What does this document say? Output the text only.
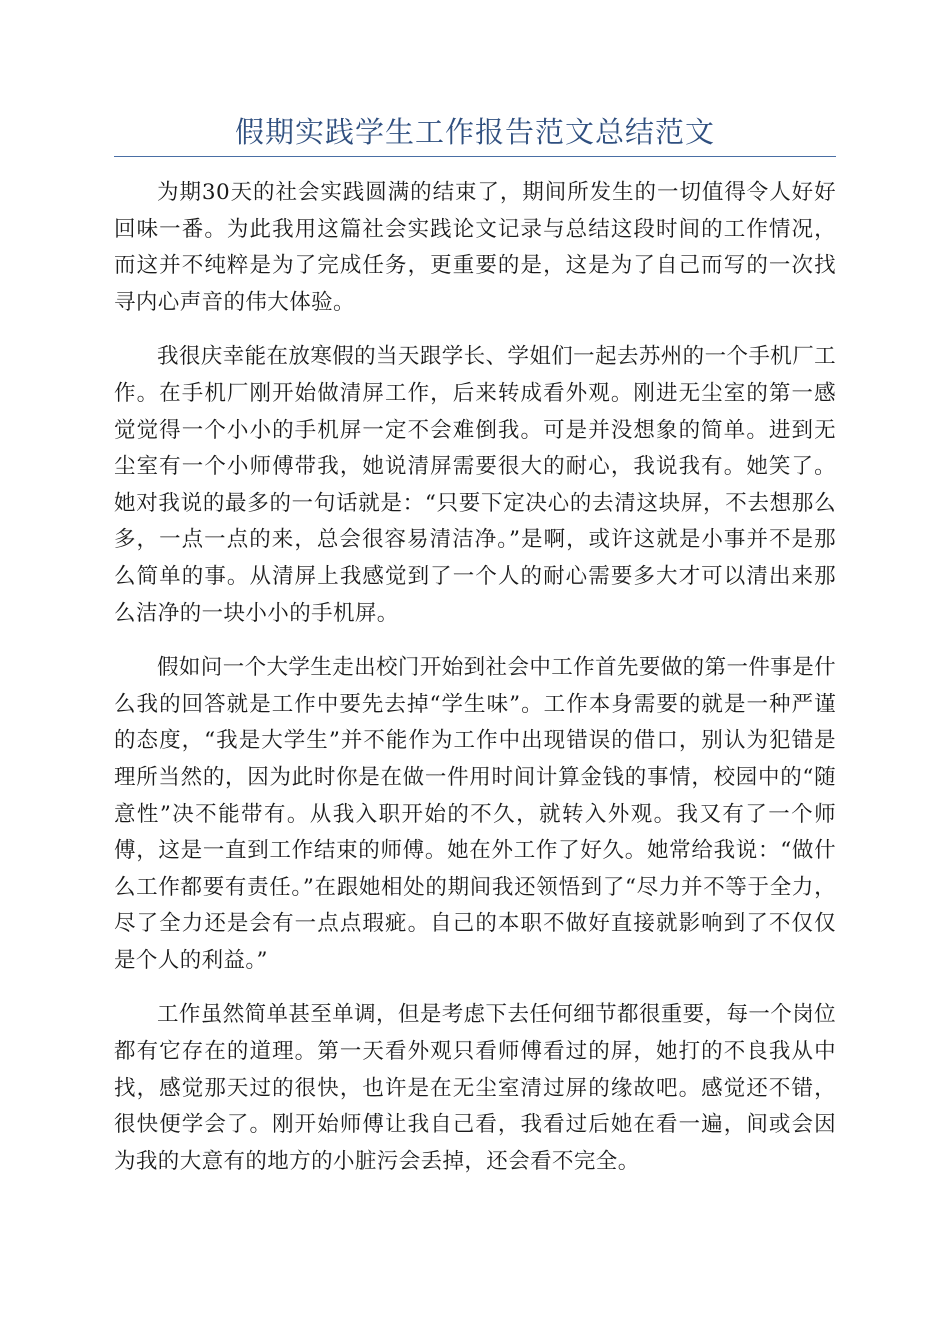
假期实践学生工作报告范文总结范文

为期30天的社会实践圆满的结束了，期间所发生的一切值得令人好好回味一番。为此我用这篇社会实践论文记录与总结这段时间的工作情况，而这并不纯粹是为了完成任务，更重要的是，这是为了自己而写的一次找寻内心声音的伟大体验。

我很庆幸能在放寒假的当天跟学长、学姐们一起去苏州的一个手机厂工作。在手机厂刚开始做清屏工作，后来转成看外观。刚进无尘室的第一感觉觉得一个小小的手机屏一定不会难倒我。可是并没想象的简单。进到无尘室有一个小师傅带我，她说清屏需要很大的耐心，我说我有。她笑了。她对我说的最多的一句话就是：“只要下定决心的去清这块屏，不去想那么多，一点一点的来，总会很容易清洁净。”是啊，或许这就是小事并不是那么简单的事。从清屏上我感觉到了一个人的耐心需要多大才可以清出来那么洁净的一块小小的手机屏。

假如问一个大学生走出校门开始到社会中工作首先要做的第一件事是什么我的回答就是工作中要先去掉“学生味”。工作本身需要的就是一种严谨的态度，“我是大学生”并不能作为工作中出现错误的借口，别认为犯错是理所当然的，因为此时你是在做一件用时间计算金钱的事情，校园中的“随意性”决不能带有。从我入职开始的不久，就转入外观。我又有了一个师傅，这是一直到工作结束的师傅。她在外工作了好久。她常给我说：“做什么工作都要有责任。”在跟她相处的期间我还领悟到了“尽力并不等于全力，尽了全力还是会有一点点瑕疵。自己的本职不做好直接就影响到了不仅仅是个人的利益。”

工作虽然简单甚至单调，但是考虑下去任何细节都很重要，每一个岗位都有它存在的道理。第一天看外观只看师傅看过的屏，她打的不良我从中找，感觉那天过的很快，也许是在无尘室清过屏的缘故吧。感觉还不错，很快便学会了。刚开始师傅让我自己看，我看过后她在看一遍，间或会因为我的大意有的地方的小脏污会丢掉，还会看不完全。
